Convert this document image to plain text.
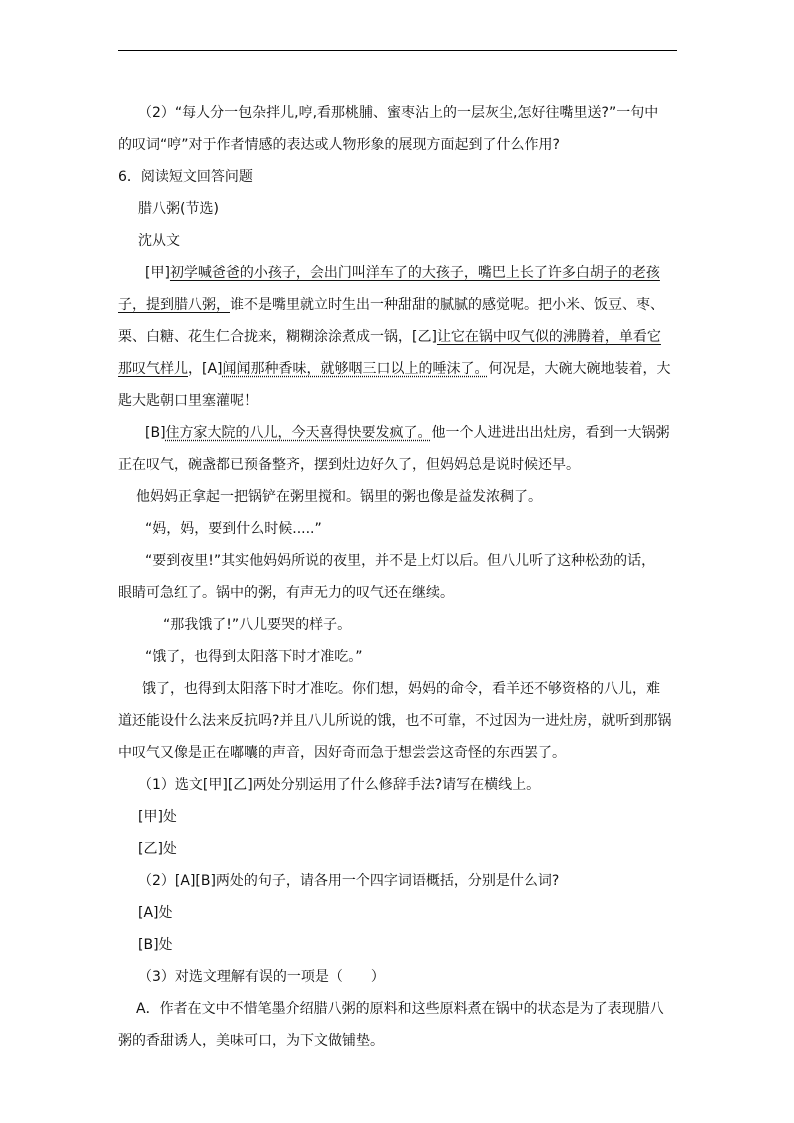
（2）“每人分一包杂拌儿,哼,看那桃脯、蜜枣沾上的一层灰尘,怎好往嘴里送?”一句中
的叹词“哼”对于作者情感的表达或人物形象的展现方面起到了什么作用?
6．阅读短文回答问题
腊八粥(节选)
沈从文
[甲]初学喊爸爸的小孩子，会出门叫洋车了的大孩子，嘴巴上长了许多白胡子的老孩
子，提到腊八粥，谁不是嘴里就立时生出一种甜甜的腻腻的感觉呢。把小米、饭豆、枣、
栗、白糖、花生仁合拢来，糊糊涂涂煮成一锅，[乙]让它在锅中叹气似的沸腾着，单看它
那叹气样儿，[A]闻闻那种香味，就够咽三口以上的唾沫了。何况是，大碗大碗地装着，大
匙大匙朝口里塞灌呢！
[B]住方家大院的八儿，今天喜得快要发疯了。他一个人进进出出灶房，看到一大锅粥
正在叹气，碗盏都已预备整齐，摆到灶边好久了，但妈妈总是说时候还早。
他妈妈正拿起一把锅铲在粥里搅和。锅里的粥也像是益发浓稠了。
“妈，妈，要到什么时候.....”
“要到夜里!”其实他妈妈所说的夜里，并不是上灯以后。但八儿听了这种松劲的话，
眼睛可急红了。锅中的粥，有声无力的叹气还在继续。
“那我饿了!”八儿要哭的样子。
“饿了，也得到太阳落下时才准吃。”
饿了，也得到太阳落下时才准吃。你们想，妈妈的命令，看羊还不够资格的八儿，难
道还能设什么法来反抗吗?并且八儿所说的饿，也不可靠，不过因为一进灶房，就听到那锅
中叹气又像是正在嘟囔的声音，因好奇而急于想尝尝这奇怪的东西罢了。
（1）选文[甲][乙]两处分别运用了什么修辞手法?请写在横线上。
[甲]处
[乙]处
（2）[A][B]两处的句子，请各用一个四字词语概括，分别是什么词?
[A]处
[B]处
（3）对选文理解有误的一项是（　　）
A．作者在文中不惜笔墨介绍腊八粥的原料和这些原料煮在锅中的状态是为了表现腊八
粥的香甜诱人，美味可口，为下文做铺垫。
